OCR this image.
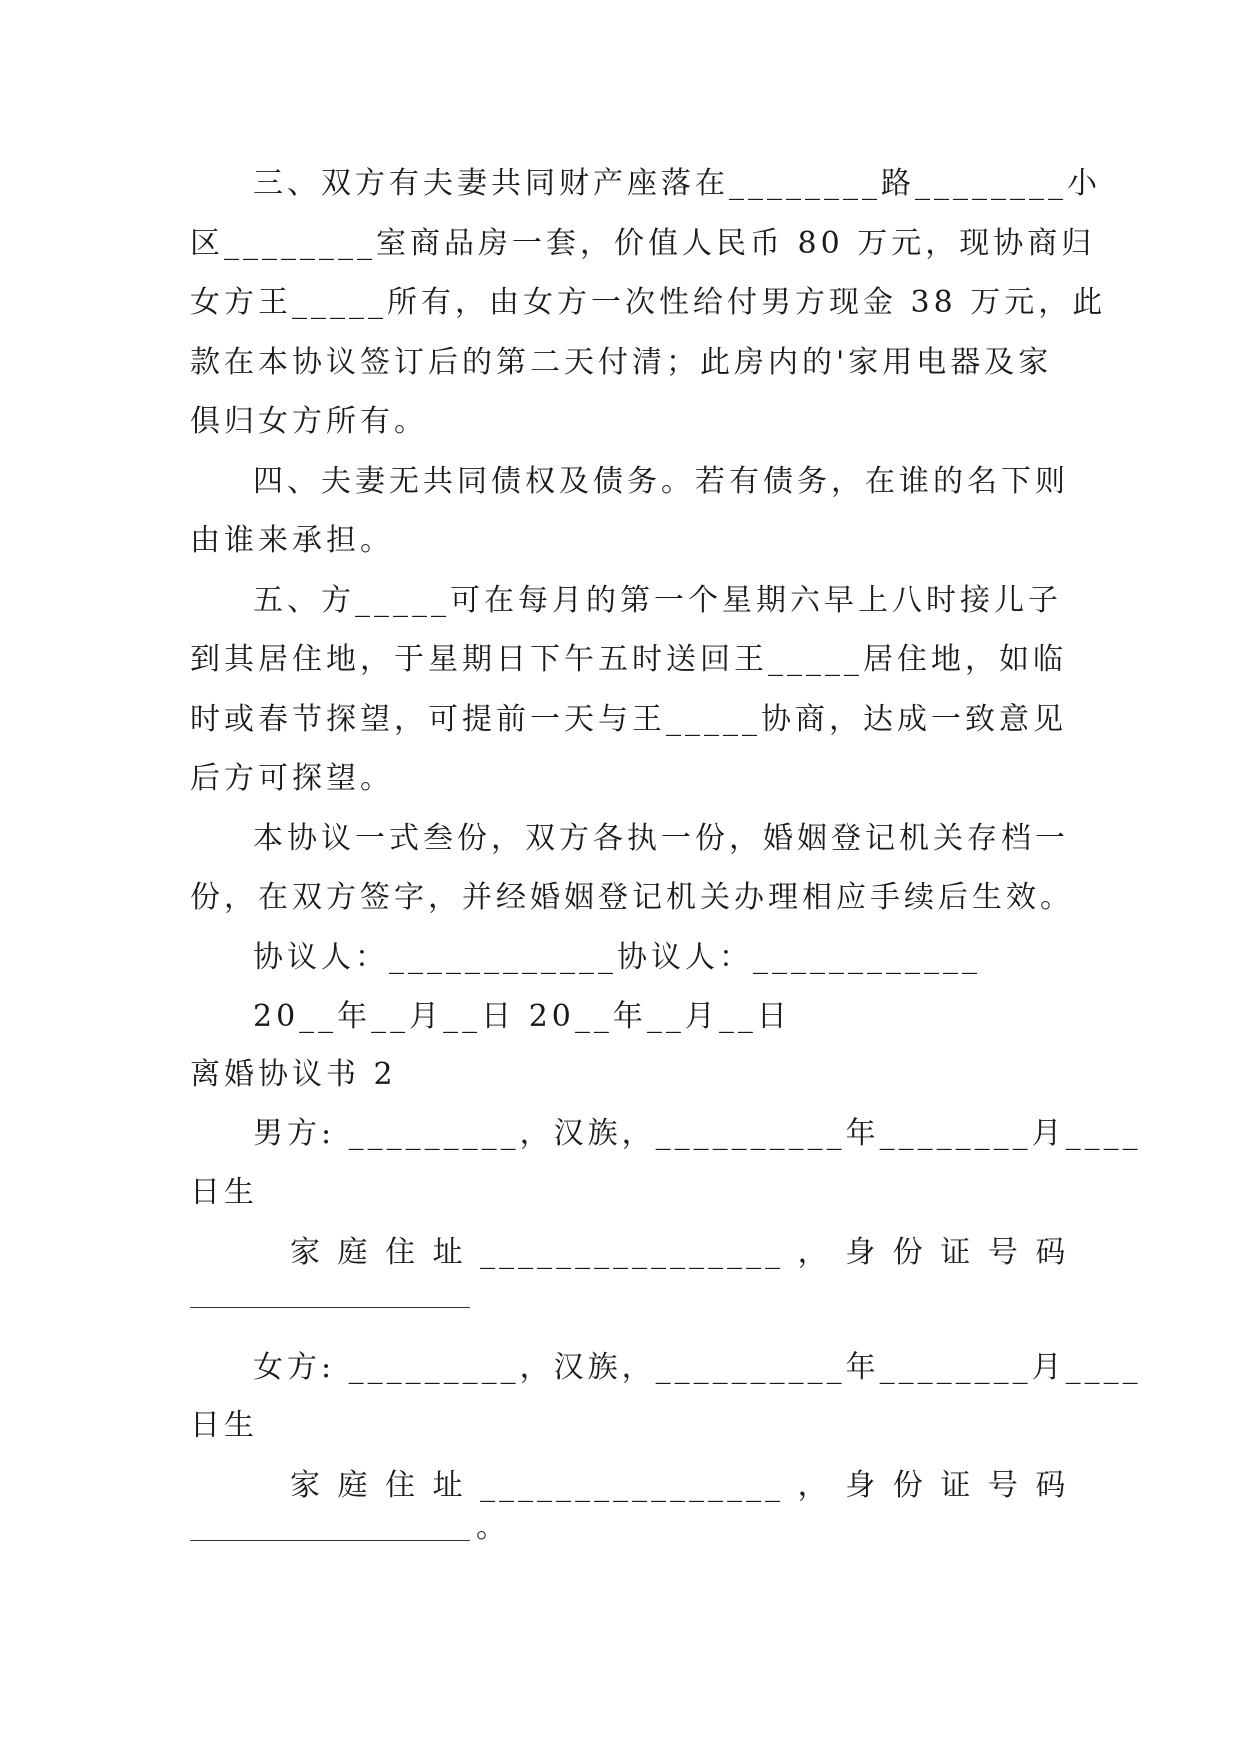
三、双方有夫妻共同财产座落在________路________小
区________室商品房一套，价值人民币 80 万元，现协商归
女方王_____所有，由女方一次性给付男方现金 38 万元，此
款在本协议签订后的第二天付清；此房内的'家用电器及家
俱归女方所有。
四、夫妻无共同债权及债务。若有债务，在谁的名下则
由谁来承担。
五、方_____可在每月的第一个星期六早上八时接儿子
到其居住地，于星期日下午五时送回王_____居住地，如临
时或春节探望，可提前一天与王_____协商，达成一致意见
后方可探望。
本协议一式叁份，双方各执一份，婚姻登记机关存档一
份，在双方签字，并经婚姻登记机关办理相应手续后生效。
协议人：____________协议人：____________
20__年__月__日 20__年__月__日
离婚协议书 2
男方: _________，汉族，__________年________月____
日生
家 庭 住 址 ________________ ， 身 份 证 号 码
女方: _________，汉族，__________年________月____
日生
家 庭 住 址 ________________ ， 身 份 证 号 码
。
